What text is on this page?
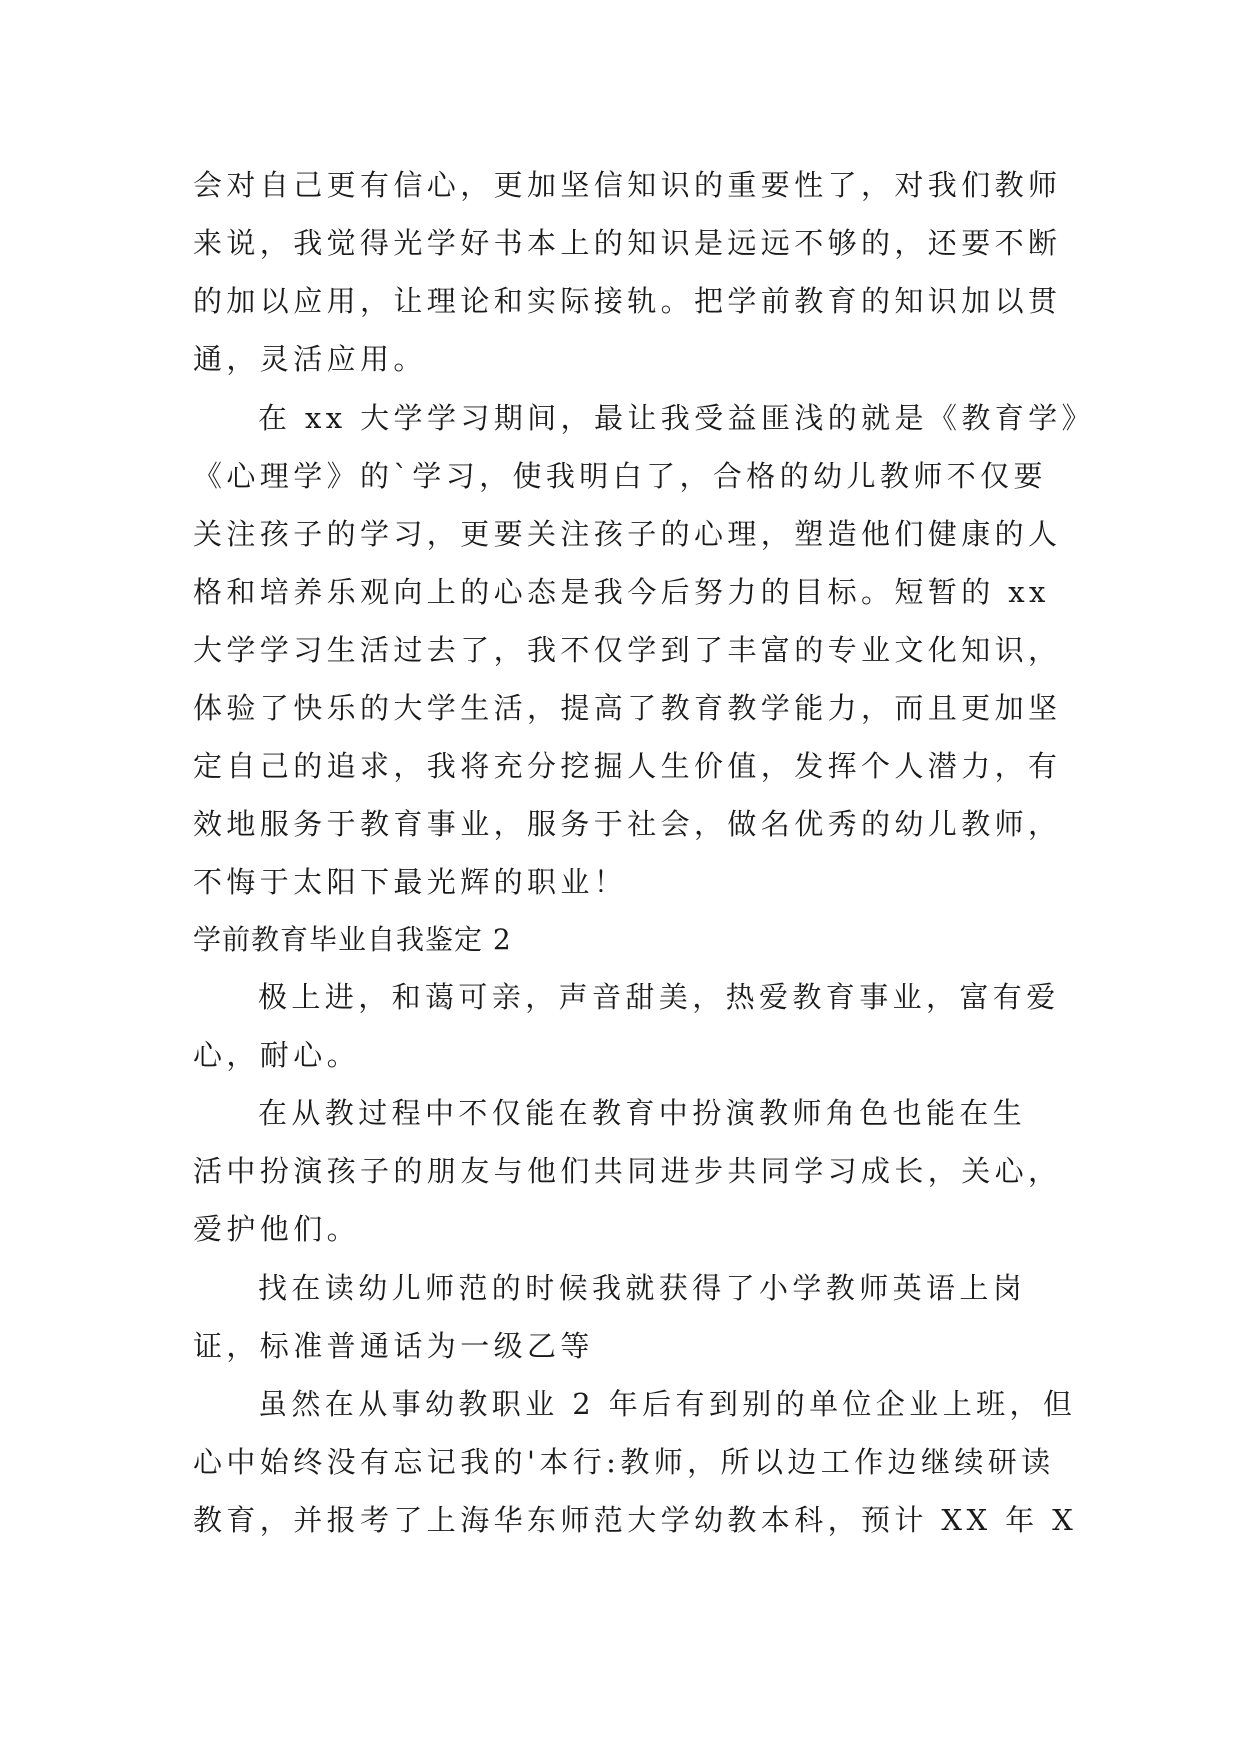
会对自己更有信心，更加坚信知识的重要性了，对我们教师
来说，我觉得光学好书本上的知识是远远不够的，还要不断
的加以应用，让理论和实际接轨。把学前教育的知识加以贯
通，灵活应用。
在 xx 大学学习期间，最让我受益匪浅的就是《教育学》
《心理学》的`学习，使我明白了，合格的幼儿教师不仅要
关注孩子的学习，更要关注孩子的心理，塑造他们健康的人
格和培养乐观向上的心态是我今后努力的目标。短暂的 xx
大学学习生活过去了，我不仅学到了丰富的专业文化知识，
体验了快乐的大学生活，提高了教育教学能力，而且更加坚
定自己的追求，我将充分挖掘人生价值，发挥个人潜力，有
效地服务于教育事业，服务于社会，做名优秀的幼儿教师，
不悔于太阳下最光辉的职业！
学前教育毕业自我鉴定 2
极上进，和蔼可亲，声音甜美，热爱教育事业，富有爱
心，耐心。
在从教过程中不仅能在教育中扮演教师角色也能在生
活中扮演孩子的朋友与他们共同进步共同学习成长，关心，
爱护他们。
找在读幼儿师范的时候我就获得了小学教师英语上岗
证，标准普通话为一级乙等
虽然在从事幼教职业 2 年后有到别的单位企业上班，但
心中始终没有忘记我的'本行:教师，所以边工作边继续研读
教育，并报考了上海华东师范大学幼教本科，预计 XX 年 X
